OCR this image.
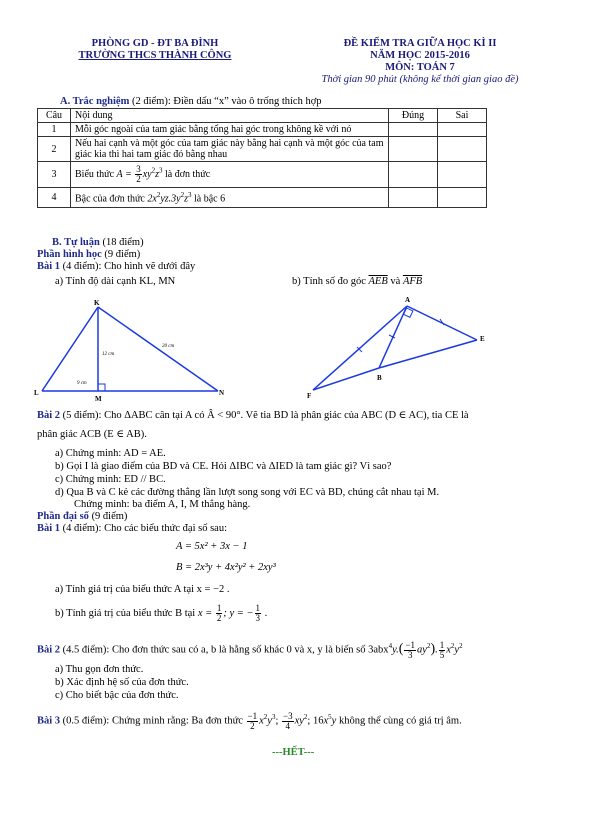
PHÒNG GD - ĐT BA ĐÌNH
TRƯỜNG THCS THÀNH CÔNG
ĐỀ KIỂM TRA GIỮA HỌC KÌ II
NĂM HỌC 2015-2016
MÔN: TOÁN 7
Thời gian 90 phút (không kể thời gian giao đề)
A. Trắc nghiệm (2 điểm): Điền dấu “x” vào ô trống thích hợp
Câu	Nội dung	Đúng	Sai
1	Mỗi góc ngoài của tam giác bằng tổng hai góc trong không kề với nó		
2	Nếu hai cạnh và một góc của tam giác này bằng hai cạnh và một góc của tam giác kia thì hai tam giác đó bằng nhau		
3	Biểu thức $A = \frac{3}{2} xy^2z^3$ là đơn thức		
4	Bậc của đơn thức $2x^2yz.3y^2z^3$ là bậc 6		
B. Tự luận (18 điểm)
Phần hình học (9 điểm)
Bài 1 (4 điểm): Cho hình vẽ dưới đây
a) Tính độ dài cạnh KL, MN	b) Tính số đo góc $\overline{AEB}$ và $\overline{AFB}$
K
L
M
N
20 cm
12 cm
9 cm
A
E
B
F
Bài 2 (5 điểm): Cho ΔABC cân tại A có Â < 90°. Vẽ tia BD là phân giác của ABC (D ∈ AC), tia CE là
phân giác ACB (E ∈ AB).
a) Chứng minh: AD = AE.
b) Gọi I là giao điểm của BD và CE. Hỏi ΔIBC và ΔIED là tam giác gì? Vì sao?
c) Chứng minh: ED // BC.
d) Qua B và C kẻ các đường thẳng lần lượt song song với EC và BD, chúng cắt nhau tại M.
Chứng minh: ba điểm A, I, M thẳng hàng.
Phần đại số (9 điểm)
Bài 1 (4 điểm): Cho các biểu thức đại số sau:
A = 5x² + 3x − 1
B = 2x³y + 4x²y² + 2xy³
a) Tính giá trị của biểu thức A tại x = −2 .
b) Tính giá trị của biểu thức B tại $x = \frac{1}{2}$ ; y = − $\frac{1}{3}$ .
Bài 2 (4.5 điểm): Cho đơn thức sau có a, b là hằng số khác 0 và x, y là biến số $3abx^4y.( \frac{-1}{3} ay^2)$. $\frac{1}{5} x^2y^2$
a) Thu gọn đơn thức.
b) Xác định hệ số của đơn thức.
c) Cho biết bậc của đơn thức.
Bài 3 (0.5 điểm): Chứng minh rằng: Ba đơn thức $\frac{-1}{2} x^2y^3$; $\frac{-3}{4} xy^2$; $16x^5y$ không thể cùng có giá trị âm.
---HẾT---
